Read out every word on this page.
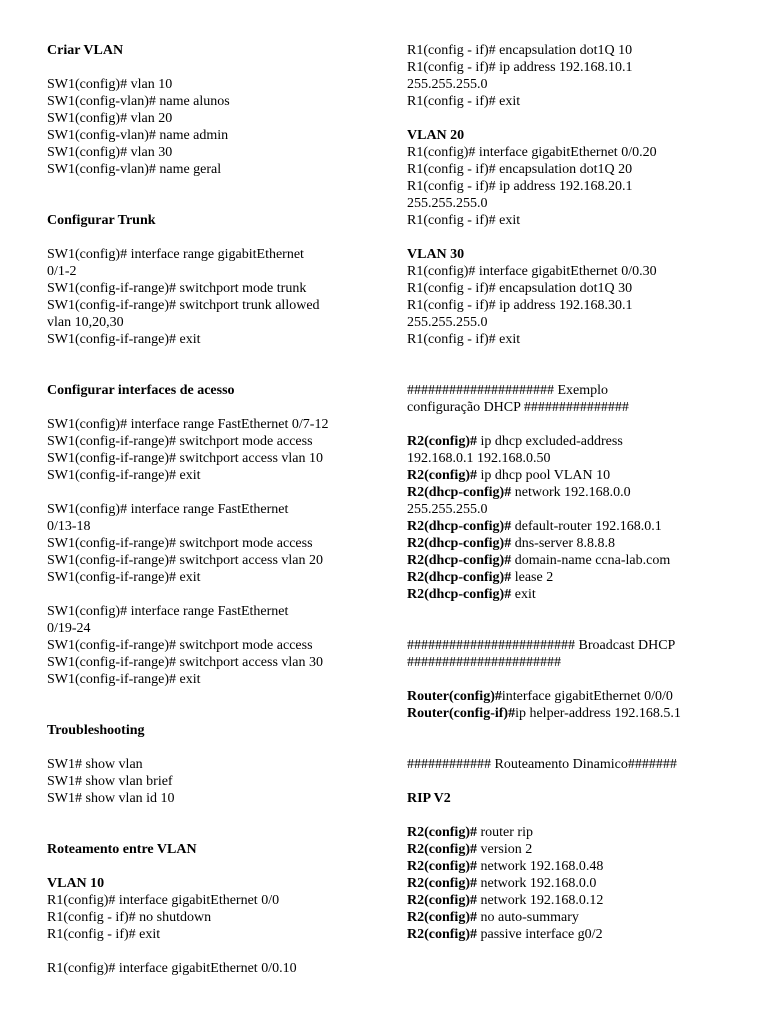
Criar VLAN
SW1(config)# vlan 10
SW1(config-vlan)# name alunos
SW1(config)# vlan 20
SW1(config-vlan)# name admin
SW1(config)# vlan 30
SW1(config-vlan)# name geral
Configurar Trunk
SW1(config)# interface range gigabitEthernet
0/1-2
SW1(config-if-range)# switchport mode trunk
SW1(config-if-range)# switchport trunk allowed
vlan 10,20,30
SW1(config-if-range)# exit
Configurar interfaces de acesso
SW1(config)# interface range FastEthernet 0/7-12
SW1(config-if-range)# switchport mode access
SW1(config-if-range)# switchport access vlan 10
SW1(config-if-range)# exit
SW1(config)# interface range FastEthernet
0/13-18
SW1(config-if-range)# switchport mode access
SW1(config-if-range)# switchport access vlan 20
SW1(config-if-range)# exit
SW1(config)# interface range FastEthernet
0/19-24
SW1(config-if-range)# switchport mode access
SW1(config-if-range)# switchport access vlan 30
SW1(config-if-range)# exit
Troubleshooting
SW1# show vlan
SW1# show vlan brief
SW1# show vlan id 10
Roteamento entre VLAN
VLAN 10
R1(config)# interface gigabitEthernet 0/0
R1(config - if)# no shutdown
R1(config - if)# exit
R1(config)# interface gigabitEthernet 0/0.10
R1(config - if)# encapsulation dot1Q 10
R1(config - if)# ip address 192.168.10.1
255.255.255.0
R1(config - if)# exit
VLAN 20
R1(config)# interface gigabitEthernet 0/0.20
R1(config - if)# encapsulation dot1Q 20
R1(config - if)# ip address 192.168.20.1
255.255.255.0
R1(config - if)# exit
VLAN 30
R1(config)# interface gigabitEthernet 0/0.30
R1(config - if)# encapsulation dot1Q 30
R1(config - if)# ip address 192.168.30.1
255.255.255.0
R1(config - if)# exit
##################### Exemplo
configuração DHCP ###############
R2(config)# ip dhcp excluded-address
192.168.0.1 192.168.0.50
R2(config)# ip dhcp pool VLAN 10
R2(dhcp-config)# network 192.168.0.0
255.255.255.0
R2(dhcp-config)# default-router 192.168.0.1
R2(dhcp-config)# dns-server 8.8.8.8
R2(dhcp-config)# domain-name ccna-lab.com
R2(dhcp-config)# lease 2
R2(dhcp-config)# exit
######################## Broadcast DHCP
######################
Router(config)#interface gigabitEthernet 0/0/0
Router(config-if)#ip helper-address 192.168.5.1
############ Routeamento Dinamico#######
RIP V2
R2(config)# router rip
R2(config)# version 2
R2(config)# network 192.168.0.48
R2(config)# network 192.168.0.0
R2(config)# network 192.168.0.12
R2(config)# no auto-summary
R2(config)# passive interface g0/2
